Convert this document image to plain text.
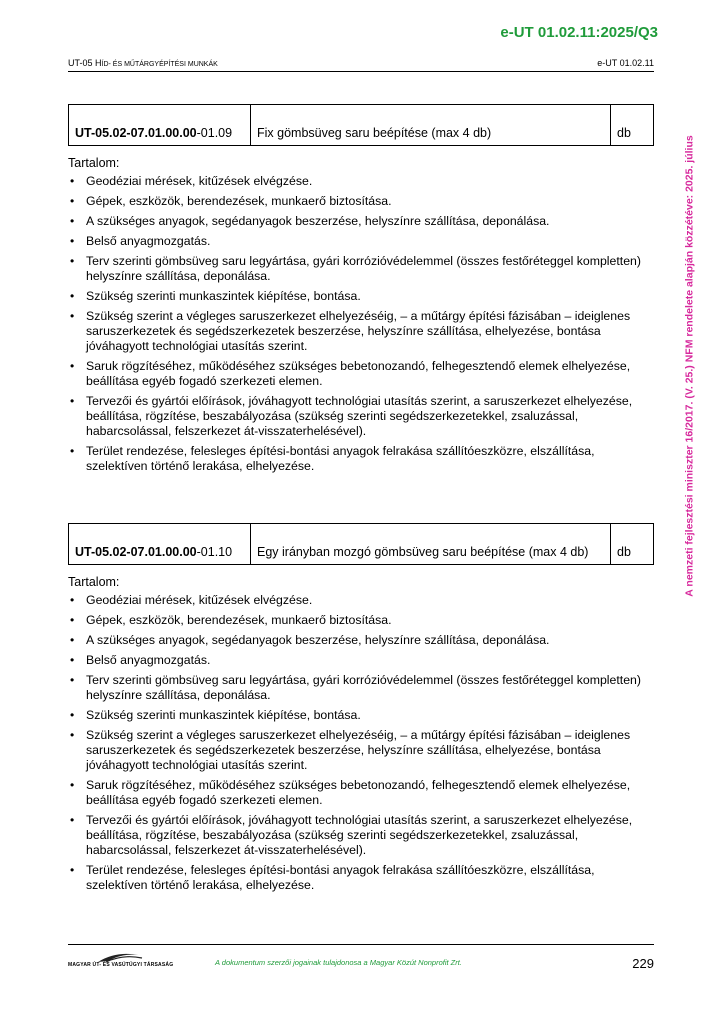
e-UT 01.02.11:2025/Q3
UT-05 HÍD- ÉS MŰTÁRGYÉPÍTÉSI MUNKÁK	e-UT 01.02.11
A nemzeti fejlesztési miniszter 16/2017. (V. 25.) NFM rendelete alapján közzétéve: 2025. július
UT-05.02-07.01.00.00 -01.09	Fix gömbsüveg saru beépítése (max 4 db)	db
Tartalom:
• Geodéziai mérések, kitűzések elvégzése.
• Gépek, eszközök, berendezések, munkaerő biztosítása.
• A szükséges anyagok, segédanyagok beszerzése, helyszínre szállítása, deponálása.
• Belső anyagmozgatás.
• Terv szerinti gömbsüveg saru legyártása, gyári korrózióvédelemmel (összes festőréteggel kompletten) helyszínre szállítása, deponálása.
• Szükség szerinti munkaszintek kiépítése, bontása.
• Szükség szerint a végleges saruszerkezet elhelyezéséig, – a műtárgy építési fázisában – ideiglenes saruszerkezetek és segédszerkezetek beszerzése, helyszínre szállítása, elhelyezése, bontása jóváhagyott technológiai utasítás szerint.
• Saruk rögzítéséhez, működéséhez szükséges bebetonozandó, felhegesztendő elemek elhelyezése, beállítása egyéb fogadó szerkezeti elemen.
• Tervezői és gyártói előírások, jóváhagyott technológiai utasítás szerint, a saruszerkezet elhelyezése, beállítása, rögzítése, beszabályozása (szükség szerinti segédszerkezetekkel, zsaluzással, habarcsolással, felszerkezet át-visszaterhelésével).
• Terület rendezése, felesleges építési-bontási anyagok felrakása szállítóeszközre, elszállítása, szelektíven történő lerakása, elhelyezése.
UT-05.02-07.01.00.00 -01.10	Egy irányban mozgó gömbsüveg saru beépítése (max 4 db)	db
Tartalom:
• Geodéziai mérések, kitűzések elvégzése.
• Gépek, eszközök, berendezések, munkaerő biztosítása.
• A szükséges anyagok, segédanyagok beszerzése, helyszínre szállítása, deponálása.
• Belső anyagmozgatás.
• Terv szerinti gömbsüveg saru legyártása, gyári korrózióvédelemmel (összes festőréteggel kompletten) helyszínre szállítása, deponálása.
• Szükség szerinti munkaszintek kiépítése, bontása.
• Szükség szerint a végleges saruszerkezet elhelyezéséig, – a műtárgy építési fázisában – ideiglenes saruszerkezetek és segédszerkezetek beszerzése, helyszínre szállítása, elhelyezése, bontása jóváhagyott technológiai utasítás szerint.
• Saruk rögzítéséhez, működéséhez szükséges bebetonozandó, felhegesztendő elemek elhelyezése, beállítása egyéb fogadó szerkezeti elemen.
• Tervezői és gyártói előírások, jóváhagyott technológiai utasítás szerint, a saruszerkezet elhelyezése, beállítása, rögzítése, beszabályozása (szükség szerinti segédszerkezetekkel, zsaluzással, habarcsolással, felszerkezet át-visszaterhelésével).
• Terület rendezése, felesleges építési-bontási anyagok felrakása szállítóeszközre, elszállítása, szelektíven történő lerakása, elhelyezése.
MAGYAR ÚT- ÉS VASÚTÜGYI TÁRSASÁG	A dokumentum szerzői jogainak tulajdonosa a Magyar Közút Nonprofit Zrt.	229
